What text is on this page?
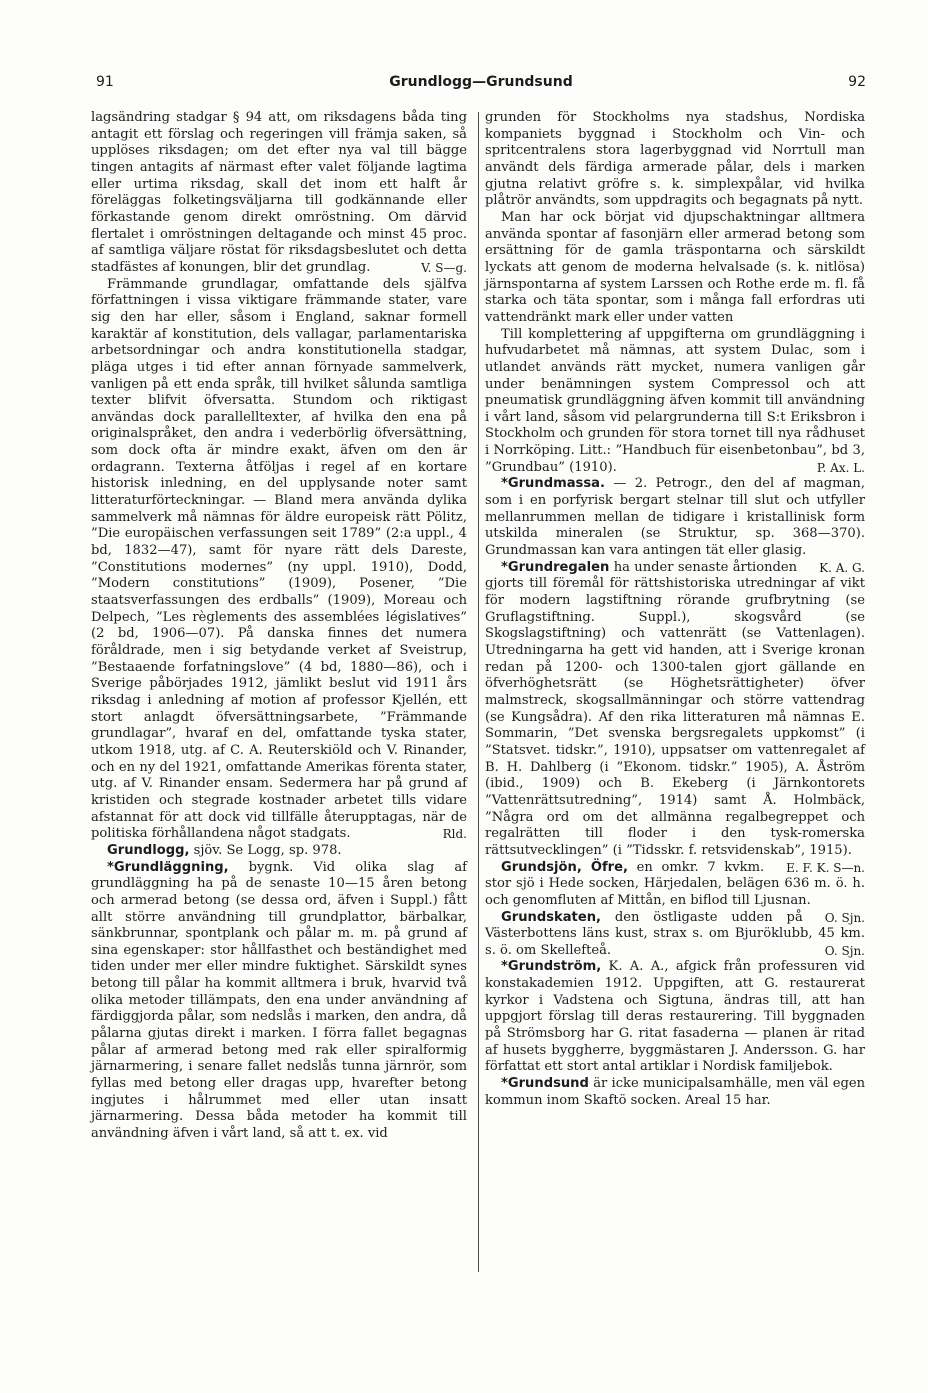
91	Grundlogg—Grundsund	92

lagsändring stadgar § 94 att, om riksdagens båda ting antagit ett förslag och regeringen vill främja saken, så upplöses riksdagen; om det efter nya val till bägge tingen antagits af närmast efter valet följande lagtima eller urtima riksdag, skall det inom ett halft år föreläggas folketingsväljarna till godkännande eller förkastande genom direkt omröstning. Om därvid flertalet i omröstningen deltagande och minst 45 proc. af samtliga väljare röstat för riksdagsbeslutet och detta stadfästes af konungen, blir det grundlag.	V. S—g.

Främmande grundlagar, omfattande dels själfva författningen i vissa viktigare främmande stater, vare sig den har eller, såsom i England, saknar formell karaktär af konstitution, dels vallagar, parlamentariska arbetsordningar och andra konstitutionella stadgar, pläga utges i tid efter annan förnyade sammelverk, vanligen på ett enda språk, till hvilket sålunda samtliga texter blifvit öfversatta. Stundom och riktigast användas dock parallelltexter, af hvilka den ena på originalspråket, den andra i vederbörlig öfversättning, som dock ofta är mindre exakt, äfven om den är ordagrann. Texterna åtföljas i regel af en kortare historisk inledning, en del upplysande noter samt litteraturförteckningar. — Bland mera använda dylika sammelverk må nämnas för äldre europeisk rätt Pölitz, ”Die europäischen verfassungen seit 1789” (2:a uppl., 4 bd, 1832—47), samt för nyare rätt dels Dareste, ”Constitutions modernes” (ny uppl. 1910), Dodd, ”Modern constitutions” (1909), Posener, ”Die staatsverfassungen des erdballs” (1909), Moreau och Delpech, ”Les règlements des assemblées législatives” (2 bd, 1906—07). På danska finnes det numera föråldrade, men i sig betydande verket af Sveistrup, ”Bestaaende forfatningslove” (4 bd, 1880—86), och i Sverige påbörjades 1912, jämlikt beslut vid 1911 års riksdag i anledning af motion af professor Kjellén, ett stort anlagdt öfversättningsarbete, ”Främmande grundlagar”, hvaraf en del, omfattande tyska stater, utkom 1918, utg. af C. A. Reuterskiöld och V. Rinander, och en ny del 1921, omfattande Amerikas förenta stater, utg. af V. Rinander ensam. Sedermera har på grund af kristiden och stegrade kostnader arbetet tills vidare afstannat för att dock vid tillfälle återupptagas, när de politiska förhållandena något stadgats.	Rld.

Grundlogg, sjöv. Se Logg, sp. 978.

*Grundläggning, bygnk. Vid olika slag af grundläggning ha på de senaste 10—15 åren betong och armerad betong (se dessa ord, äfven i Suppl.) fått allt större användning till grundplattor, bärbalkar, sänkbrunnar, spontplank och pålar m. m. på grund af sina egenskaper: stor hållfasthet och beständighet med tiden under mer eller mindre fuktighet. Särskildt synes betong till pålar ha kommit alltmera i bruk, hvarvid två olika metoder tillämpats, den ena under användning af färdiggjorda pålar, som nedslås i marken, den andra, då pålarna gjutas direkt i marken. I förra fallet begagnas pålar af armerad betong med rak eller spiralformig järnarmering, i senare fallet nedslås tunna järnrör, som fyllas med betong eller dragas upp, hvarefter betong ingjutes i hålrummet med eller utan insatt järnarmering. Dessa båda metoder ha kommit till användning äfven i vårt land, så att t. ex. vid

grunden för Stockholms nya stadshus, Nordiska kompaniets byggnad i Stockholm och Vin- och spritcentralens stora lagerbyggnad vid Norrtull man användt dels färdiga armerade pålar, dels i marken gjutna relativt gröfre s. k. simplexpålar, vid hvilka plåtrör användts, som uppdragits och begagnats på nytt.

Man har ock börjat vid djupschaktningar alltmera använda spontar af fasonjärn eller armerad betong som ersättning för de gamla träspontarna och särskildt lyckats att genom de moderna helvalsade (s. k. nitlösa) järnspontarna af system Larssen och Rothe erde m. fl. få starka och täta spontar, som i många fall erfordras uti vattendränkt mark eller under vatten

Till komplettering af uppgifterna om grundläggning i hufvudarbetet må nämnas, att system Dulac, som i utlandet används rätt mycket, numera vanligen går under benämningen system Compressol och att pneumatisk grundläggning äfven kommit till användning i vårt land, såsom vid pelargrunderna till S:t Eriksbron i Stockholm och grunden för stora tornet till nya rådhuset i Norrköping. Litt.: ”Handbuch für eisenbetonbau”, bd 3, ”Grundbau” (1910).	P. Ax. L.

*Grundmassa. — 2. Petrogr., den del af magman, som i en porfyrisk bergart stelnar till slut och utfyller mellanrummen mellan de tidigare i kristallinisk form utskilda mineralen (se Struktur, sp. 368—370). Grundmassan kan vara antingen tät eller glasig.
K. A. G.

*Grundregalen ha under senaste årtionden gjorts till föremål för rättshistoriska utredningar af vikt för modern lagstiftning rörande grufbrytning (se Gruflagstiftning. Suppl.), skogsvård (se Skogslagstiftning) och vattenrätt (se Vattenlagen). Utredningarna ha gett vid handen, att i Sverige kronan redan på 1200- och 1300-talen gjort gällande en öfverhöghetsrätt (se Höghetsrättigheter) öfver malmstreck, skogsallmänningar och större vattendrag (se Kungsådra). Af den rika litteraturen må nämnas E. Sommarin, ”Det svenska bergsregalets uppkomst” (i ”Statsvet. tidskr.”, 1910), uppsatser om vattenregalet af B. H. Dahlberg (i ”Ekonom. tidskr.” 1905), A. Åström (ibid., 1909) och B. Ekeberg (i Järnkontorets ”Vattenrättsutredning”, 1914) samt Å. Holmbäck, ”Några ord om det allmänna regalbegreppet och regalrätten till floder i den tysk-romerska rättsutvecklingen” (i ”Tidsskr. f. retsvidenskab”, 1915).
E. F. K. S—n.

Grundsjön, Öfre, en omkr. 7 kvkm. stor sjö i Hede socken, Härjedalen, belägen 636 m. ö. h. och genomfluten af Mittån, en biflod till Ljusnan.
O. Sjn.

Grundskaten, den östligaste udden på Västerbottens läns kust, strax s. om Bjuröklubb, 45 km. s. ö. om Skellefteå.	O. Sjn.

*Grundström, K. A. A., afgick från professuren vid konstakademien 1912. Uppgiften, att G. restaurerat kyrkor i Vadstena och Sigtuna, ändras till, att han uppgjort förslag till deras restaurering. Till byggnaden på Strömsborg har G. ritat fasaderna — planen är ritad af husets byggherre, byggmästaren J. Andersson. G. har författat ett stort antal artiklar i Nordisk familjebok.

*Grundsund är icke municipalsamhälle, men väl egen kommun inom Skaftö socken. Areal 15 har.
